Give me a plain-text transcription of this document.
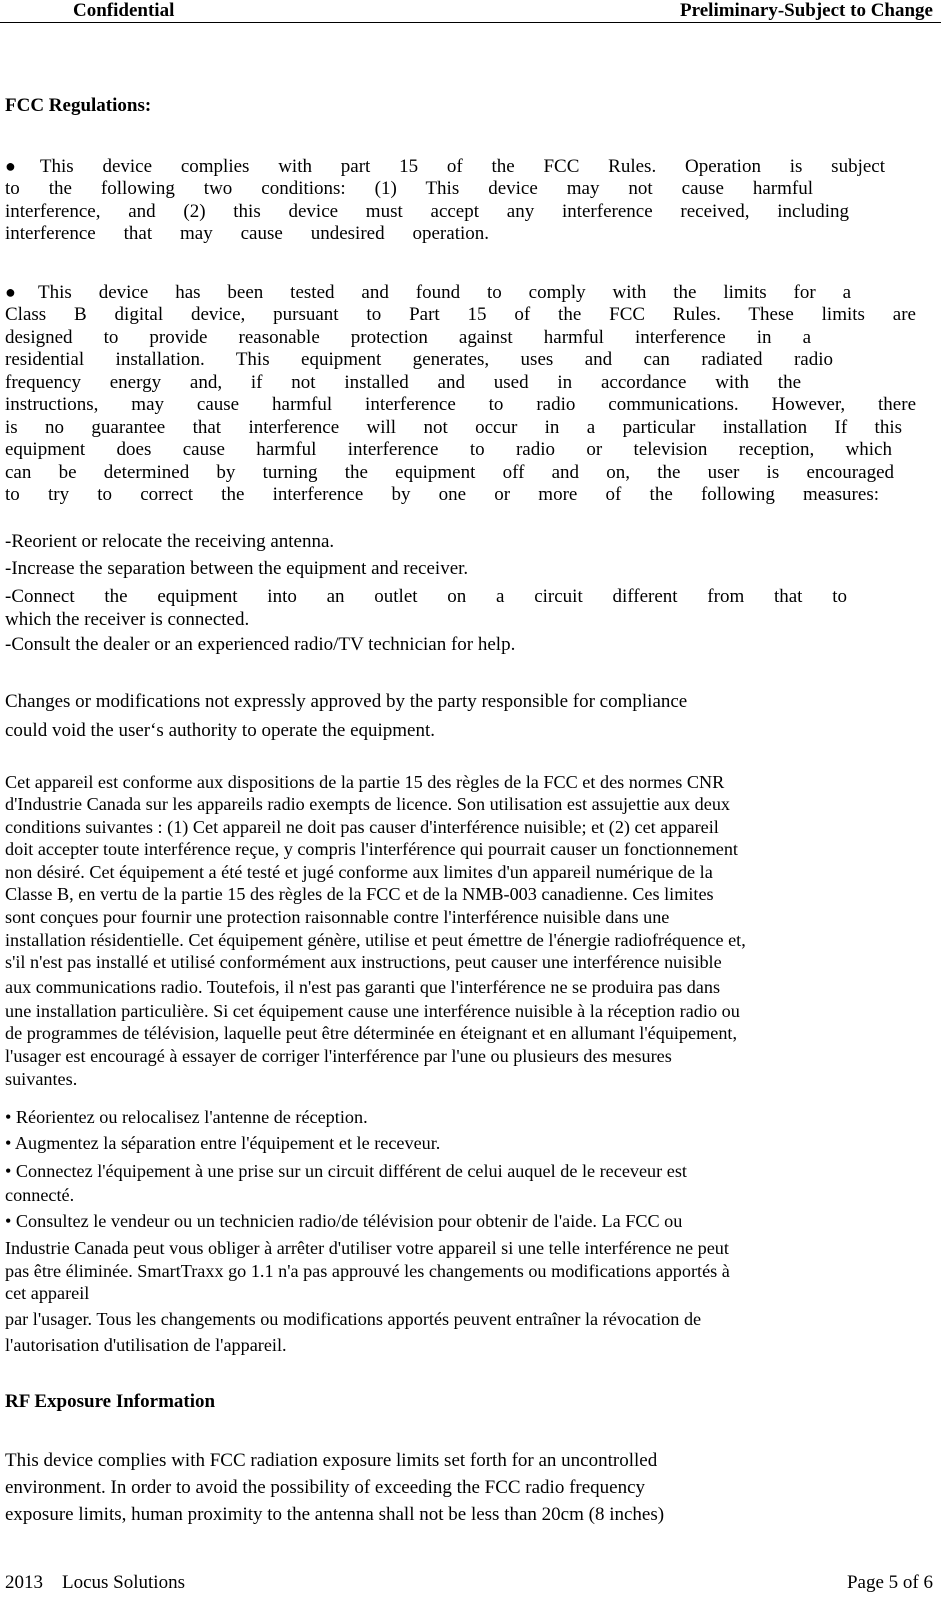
Confidential	Preliminary-Subject to Change

FCC Regulations:

●This device complies with part 15 of the FCC Rules. Operation is subject

to the following two conditions: (1) This device may not cause harmful

interference, and (2) this device must accept any interference received, including

interference that may cause undesired operation.

●This device has been tested and found to comply with the limits for a

Class B digital device, pursuant to Part 15 of the FCC Rules. These limits are

designed to provide reasonable protection against harmful interference in a

residential installation. This equipment generates, uses and can radiated radio

frequency energy and, if not installed and used in accordance with the

instructions, may cause harmful interference to radio communications. However, there

is no guarantee that interference will not occur in a particular installation If this

equipment does cause harmful interference to radio or television reception, which

can be determined by turning the equipment off and on, the user is encouraged

to try to correct the interference by one or more of the following measures:

-Reorient or relocate the receiving antenna.

-Increase the separation between the equipment and receiver.

-Connect the equipment into an outlet on a circuit different from that to

which the receiver is connected.

-Consult the dealer or an experienced radio/TV technician for help.

Changes or modifications not expressly approved by the party responsible for compliance

could void the user‘s authority to operate the equipment.

Cet appareil est conforme aux dispositions de la partie 15 des règles de la FCC et des normes CNR

d'Industrie Canada sur les appareils radio exempts de licence. Son utilisation est assujettie aux deux

conditions suivantes : (1) Cet appareil ne doit pas causer d'interférence nuisible; et (2) cet appareil

doit accepter toute interférence reçue, y compris l'interférence qui pourrait causer un fonctionnement

non désiré. Cet équipement a été testé et jugé conforme aux limites d'un appareil numérique de la

Classe B, en vertu de la partie 15 des règles de la FCC et de la NMB-003 canadienne. Ces limites

sont conçues pour fournir une protection raisonnable contre l'interférence nuisible dans une

installation résidentielle. Cet équipement génère, utilise et peut émettre de l'énergie radiofréquence et,

s'il n'est pas installé et utilisé conformément aux instructions, peut causer une interférence nuisible

aux communications radio. Toutefois, il n'est pas garanti que l'interférence ne se produira pas dans

une installation particulière. Si cet équipement cause une interférence nuisible à la réception radio ou

de programmes de télévision, laquelle peut être déterminée en éteignant et en allumant l'équipement,

l'usager est encouragé à essayer de corriger l'interférence par l'une ou plusieurs des mesures

suivantes.

• Réorientez ou relocalisez l'antenne de réception.

• Augmentez la séparation entre l'équipement et le receveur.

• Connectez l'équipement à une prise sur un circuit différent de celui auquel de le receveur est

connecté.

• Consultez le vendeur ou un technicien radio/de télévision pour obtenir de l'aide. La FCC ou

Industrie Canada peut vous obliger à arrêter d'utiliser votre appareil si une telle interférence ne peut

pas être éliminée. SmartTraxx go 1.1 n'a pas approuvé les changements ou modifications apportés à

cet appareil

par l'usager. Tous les changements ou modifications apportés peuvent entraîner la révocation de

l'autorisation d'utilisation de l'appareil.

RF Exposure Information

This device complies with FCC radiation exposure limits set forth for an uncontrolled

environment. In order to avoid the possibility of exceeding the FCC radio frequency

exposure limits, human proximity to the antenna shall not be less than 20cm (8 inches)

2013    Locus Solutions	Page 5 of 6
